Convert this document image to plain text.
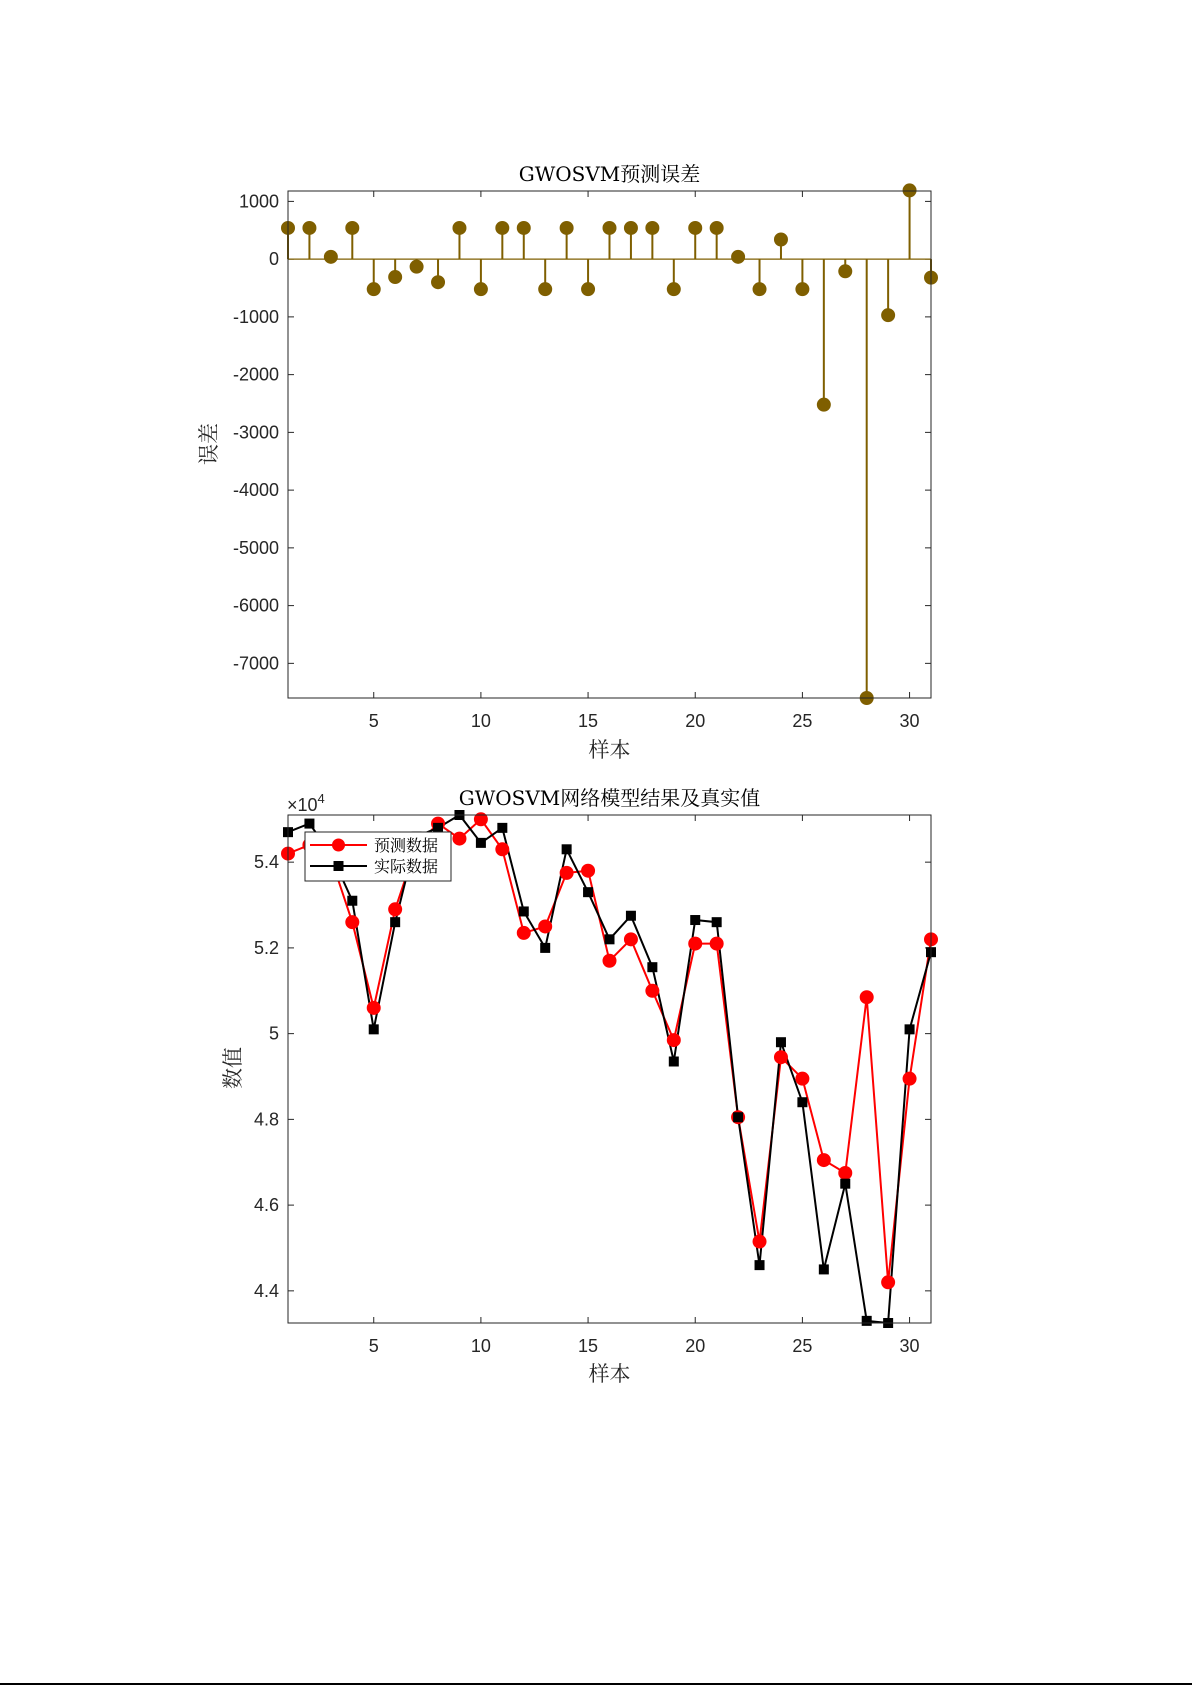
5	10	15	20	25	30
1000
0
-1000
-2000
-3000
-4000
-5000
-6000
-7000
GWOSVM预测误差
样本
误差
5	10	15	20	25	30
4.4
4.6
4.8
5
5.2
5.4
GWOSVM网络模型结果及真实值
样本
数值
$\times 10^4$
预测数据
实际数据
